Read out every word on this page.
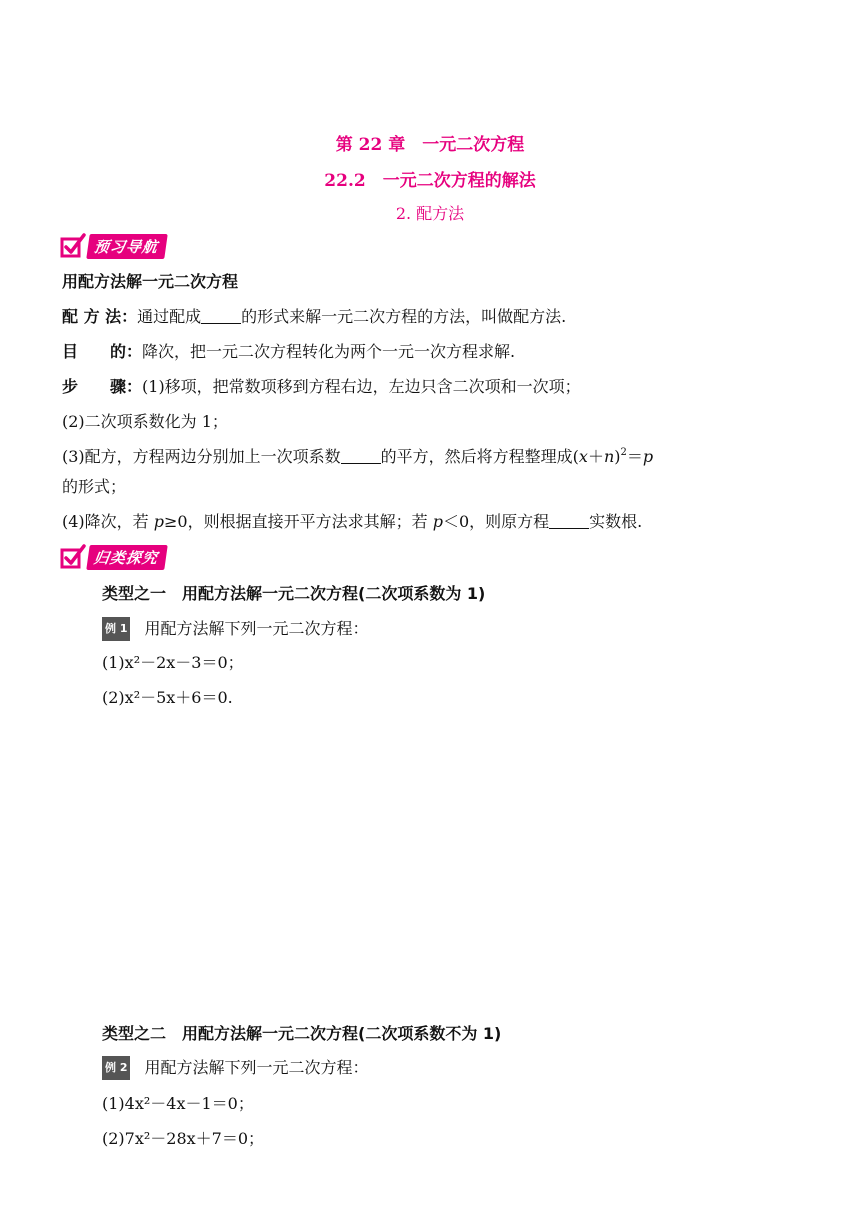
第 22 章　一元二次方程
22.2　一元二次方程的解法
2. 配方法
预习导航
用配方法解一元二次方程
配 方 法：通过配成	的形式来解一元二次方程的方法，叫做配方法.
目　　的：降次，把一元二次方程转化为两个一元一次方程求解.
步　　骤：(1)移项，把常数项移到方程右边，左边只含二次项和一次项；
(2)二次项系数化为 1；
(3)配方，方程两边分别加上一次项系数	的平方，然后将方程整理成$(x+n)^2=p$
的形式；
(4)降次，若 p≥0，则根据直接开平方法求其解；若 p＜0，则原方程	实数根.
归类探究
类型之一　用配方法解一元二次方程(二次项系数为 1)
例 1 用配方法解下列一元二次方程：
(1)x²－2x－3＝0；
(2)x²－5x＋6＝0.
类型之二　用配方法解一元二次方程(二次项系数不为 1)
例 2 用配方法解下列一元二次方程：
(1)4x²－4x－1＝0；
(2)7x²－28x＋7＝0；
